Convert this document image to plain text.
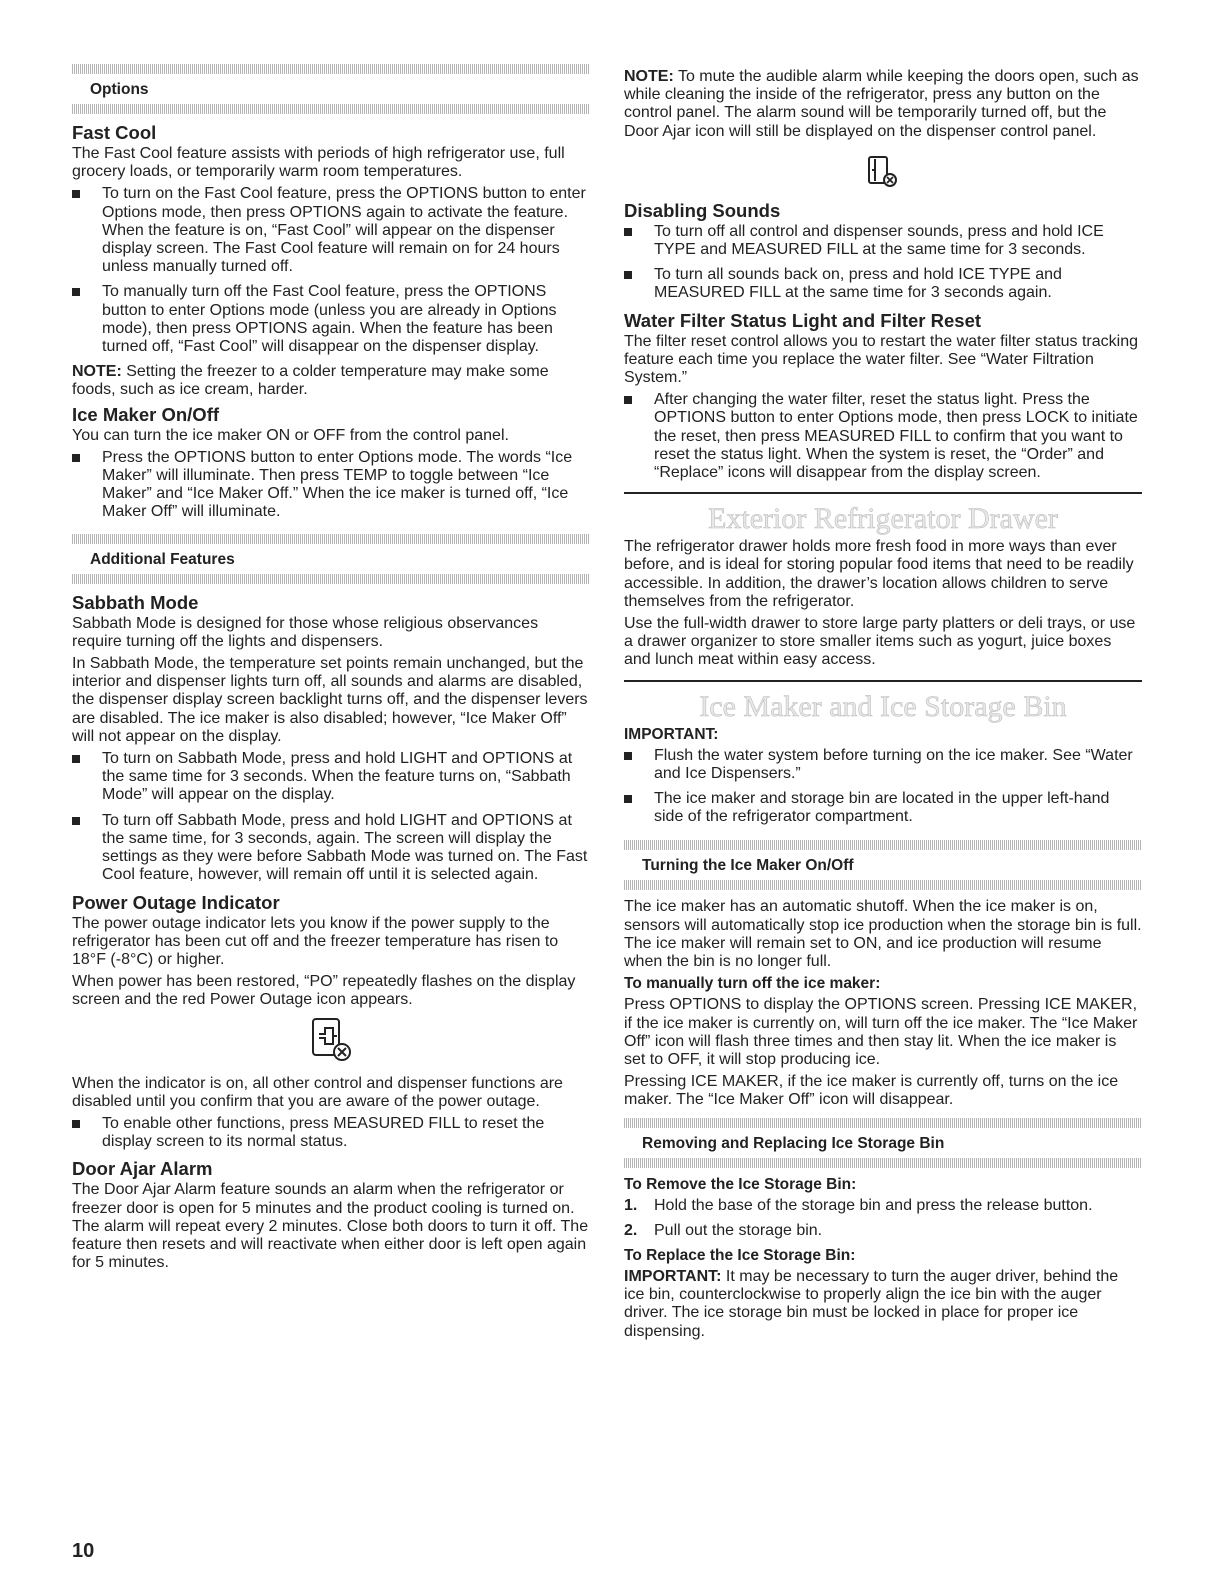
Options
Fast Cool

The Fast Cool feature assists with periods of high refrigerator use, full grocery loads, or temporarily warm room temperatures.

To turn on the Fast Cool feature, press the OPTIONS button to enter Options mode, then press OPTIONS again to activate the feature. When the feature is on, “Fast Cool” will appear on the dispenser display screen. The Fast Cool feature will remain on for 24 hours unless manually turned off.
To manually turn off the Fast Cool feature, press the OPTIONS button to enter Options mode (unless you are already in Options mode), then press OPTIONS again. When the feature has been turned off, “Fast Cool” will disappear on the dispenser display.

NOTE: Setting the freezer to a colder temperature may make some foods, such as ice cream, harder.

Ice Maker On/Off

You can turn the ice maker ON or OFF from the control panel.

Press the OPTIONS button to enter Options mode. The words “Ice Maker” will illuminate. Then press TEMP to toggle between “Ice Maker” and “Ice Maker Off.” When the ice maker is turned off, “Ice Maker Off” will illuminate.
Additional Features
Sabbath Mode

Sabbath Mode is designed for those whose religious observances require turning off the lights and dispensers.

In Sabbath Mode, the temperature set points remain unchanged, but the interior and dispenser lights turn off, all sounds and alarms are disabled, the dispenser display screen backlight turns off, and the dispenser levers are disabled. The ice maker is also disabled; however, “Ice Maker Off” will not appear on the display.

To turn on Sabbath Mode, press and hold LIGHT and OPTIONS at the same time for 3 seconds. When the feature turns on, “Sabbath Mode” will appear on the display.
To turn off Sabbath Mode, press and hold LIGHT and OPTIONS at the same time, for 3 seconds, again. The screen will display the settings as they were before Sabbath Mode was turned on. The Fast Cool feature, however, will remain off until it is selected again.
Power Outage Indicator

The power outage indicator lets you know if the power supply to the refrigerator has been cut off and the freezer temperature has risen to 18°F (-8°C) or higher.

When power has been restored, “PO” repeatedly flashes on the display screen and the red Power Outage icon appears.

When the indicator is on, all other control and dispenser functions are disabled until you confirm that you are aware of the power outage.

To enable other functions, press MEASURED FILL to reset the display screen to its normal status.
Door Ajar Alarm

The Door Ajar Alarm feature sounds an alarm when the refrigerator or freezer door is open for 5 minutes and the product cooling is turned on. The alarm will repeat every 2 minutes. Close both doors to turn it off. The feature then resets and will reactivate when either door is left open again for 5 minutes.

NOTE: To mute the audible alarm while keeping the doors open, such as while cleaning the inside of the refrigerator, press any button on the control panel. The alarm sound will be temporarily turned off, but the Door Ajar icon will still be displayed on the dispenser control panel.

Disabling Sounds
To turn off all control and dispenser sounds, press and hold ICE TYPE and MEASURED FILL at the same time for 3 seconds.
To turn all sounds back on, press and hold ICE TYPE and MEASURED FILL at the same time for 3 seconds again.
Water Filter Status Light and Filter Reset

The filter reset control allows you to restart the water filter status tracking feature each time you replace the water filter. See “Water Filtration System.”

After changing the water filter, reset the status light. Press the OPTIONS button to enter Options mode, then press LOCK to initiate the reset, then press MEASURED FILL to confirm that you want to reset the status light. When the system is reset, the “Order” and “Replace” icons will disappear from the display screen.
Exterior Refrigerator Drawer

The refrigerator drawer holds more fresh food in more ways than ever before, and is ideal for storing popular food items that need to be readily accessible. In addition, the drawer’s location allows children to serve themselves from the refrigerator.

Use the full-width drawer to store large party platters or deli trays, or use a drawer organizer to store smaller items such as yogurt, juice boxes and lunch meat within easy access.

Ice Maker and Ice Storage Bin
IMPORTANT:
Flush the water system before turning on the ice maker. See “Water and Ice Dispensers.”
The ice maker and storage bin are located in the upper left-hand side of the refrigerator compartment.
Turning the Ice Maker On/Off

The ice maker has an automatic shutoff. When the ice maker is on, sensors will automatically stop ice production when the storage bin is full. The ice maker will remain set to ON, and ice production will resume when the bin is no longer full.

To manually turn off the ice maker:

Press OPTIONS to display the OPTIONS screen. Pressing ICE MAKER, if the ice maker is currently on, will turn off the ice maker. The “Ice Maker Off” icon will flash three times and then stay lit. When the ice maker is set to OFF, it will stop producing ice.

Pressing ICE MAKER, if the ice maker is currently off, turns on the ice maker. The “Ice Maker Off” icon will disappear.

Removing and Replacing Ice Storage Bin
To Remove the Ice Storage Bin:
1. Hold the base of the storage bin and press the release button.
2. Pull out the storage bin.
To Replace the Ice Storage Bin:

IMPORTANT: It may be necessary to turn the auger driver, behind the ice bin, counterclockwise to properly align the ice bin with the auger driver. The ice storage bin must be locked in place for proper ice dispensing.

10
